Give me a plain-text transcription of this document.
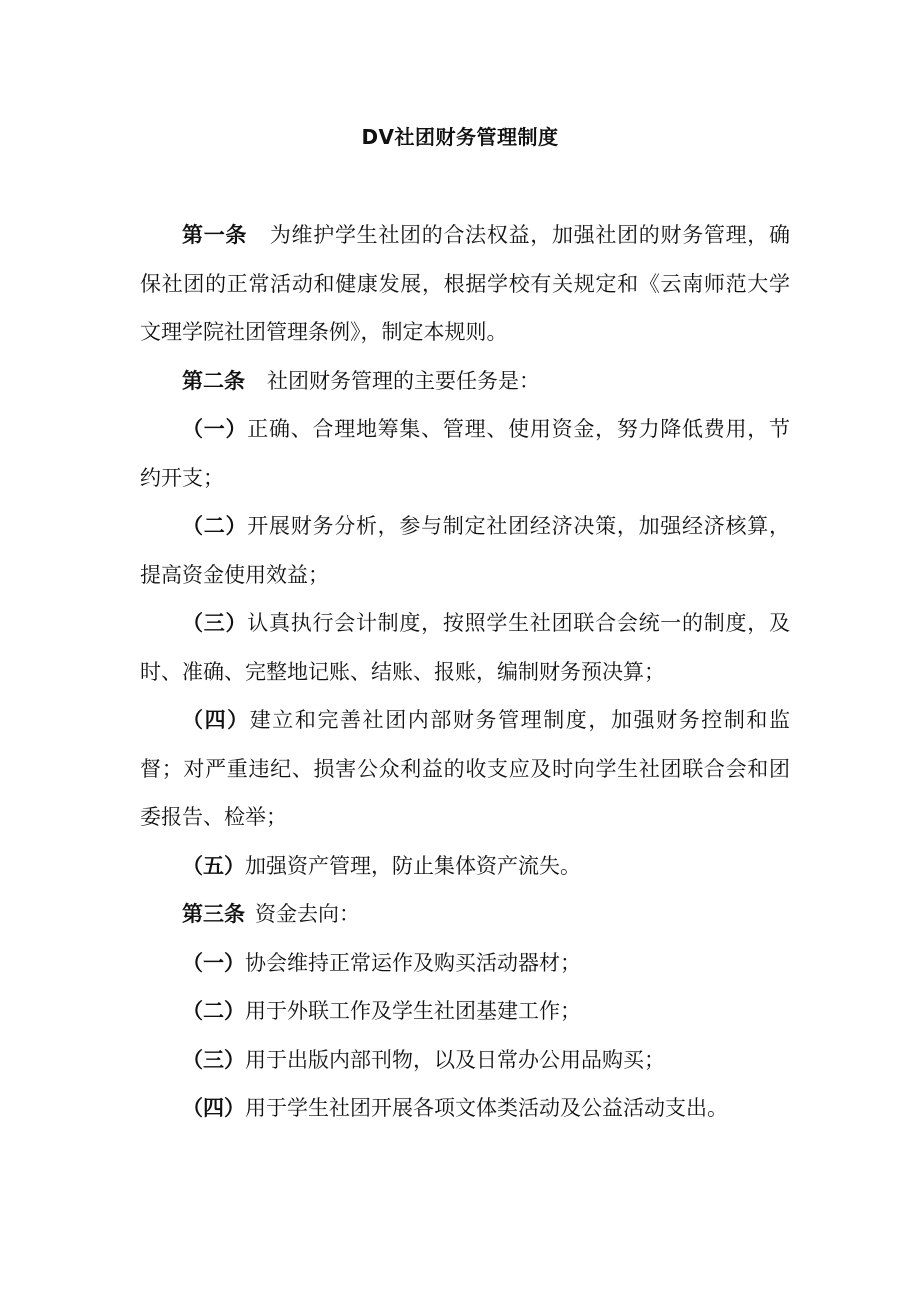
DV社团财务管理制度

第一条 为维护学生社团的合法权益，加强社团的财务管理，确保社团的正常活动和健康发展，根据学校有关规定和《云南师范大学文理学院社团管理条例》，制定本规则。

第二条 社团财务管理的主要任务是：

（一）正确、合理地筹集、管理、使用资金，努力降低费用，节约开支；

（二）开展财务分析，参与制定社团经济决策，加强经济核算，提高资金使用效益；

（三）认真执行会计制度，按照学生社团联合会统一的制度，及时、准确、完整地记账、结账、报账，编制财务预决算；

（四）建立和完善社团内部财务管理制度，加强财务控制和监督；对严重违纪、损害公众利益的收支应及时向学生社团联合会和团委报告、检举；

（五）加强资产管理，防止集体资产流失。

第三条 资金去向：

（一）协会维持正常运作及购买活动器材；

（二）用于外联工作及学生社团基建工作；

（三）用于出版内部刊物，以及日常办公用品购买；

（四）用于学生社团开展各项文体类活动及公益活动支出。
